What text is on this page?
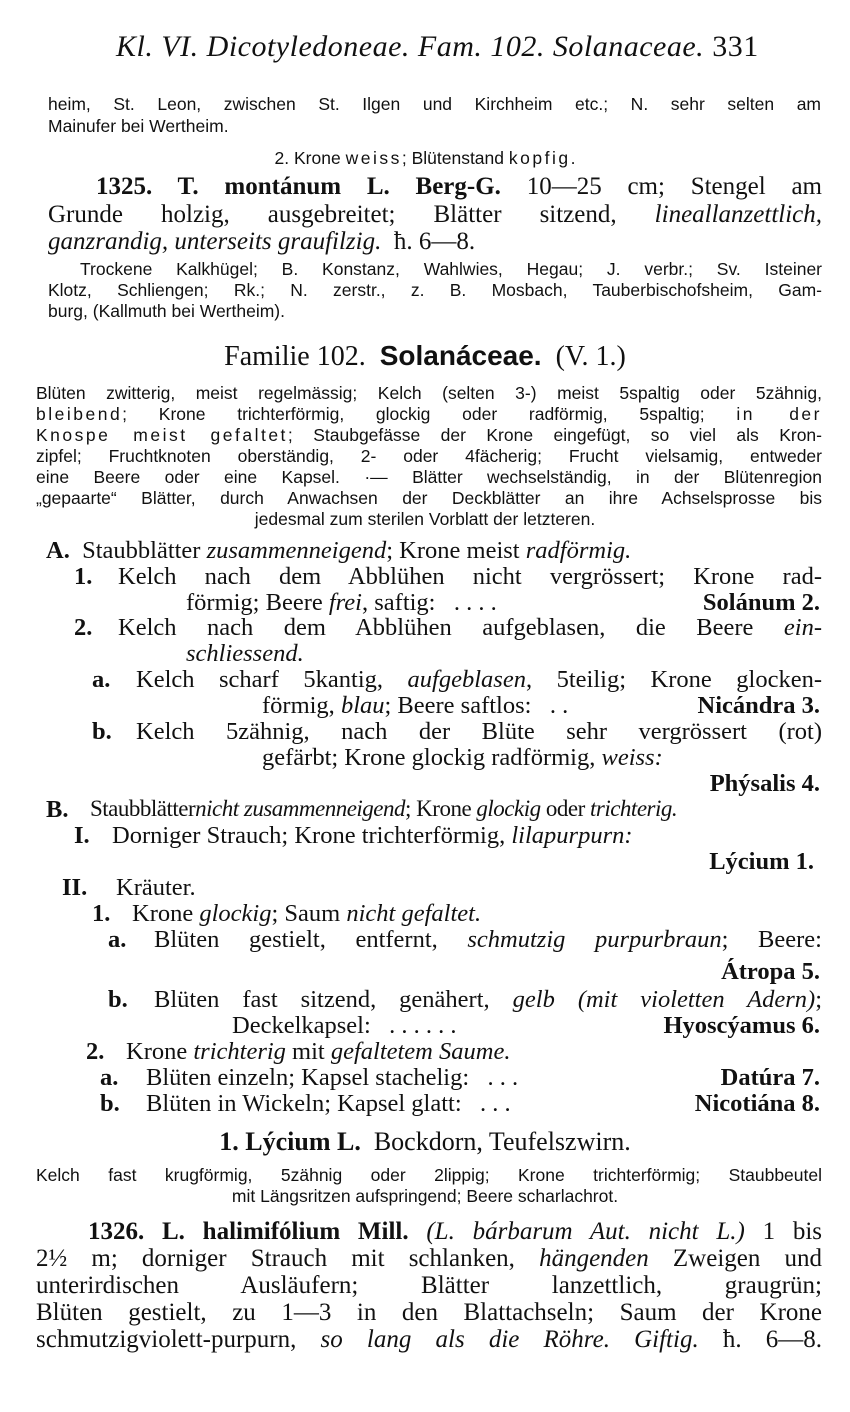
Kl. VI. Dicotyledoneae. Fam. 102. Solanaceae. 331
heim, St. Leon, zwischen St. Ilgen und Kirchheim etc.; N. sehr selten am
Mainufer bei Wertheim.
2. Krone weiss; Blütenstand kopfig.
1325. T. montánum L. Berg-G. 10—25 cm; Stengel am
Grunde holzig, ausgebreitet; Blätter sitzend, lineallanzettlich,
ganzrandig, unterseits graufilzig. ħ. 6—8.
Trockene Kalkhügel; B. Konstanz, Wahlwies, Hegau; J. verbr.; Sv. Isteiner
Klotz, Schliengen; Rk.; N. zerstr., z. B. Mosbach, Tauberbischofsheim, Gam-
burg, (Kallmuth bei Wertheim).
Familie 102. Solanáceae. (V. 1.)
Blüten zwitterig, meist regelmässig; Kelch (selten 3-) meist 5spaltig oder 5zähnig,
bleibend; Krone trichterförmig, glockig oder radförmig, 5spaltig; in der
Knospe meist gefaltet; Staubgefässe der Krone eingefügt, so viel als Kron-
zipfel; Fruchtknoten oberständig, 2- oder 4fächerig; Frucht vielsamig, entweder
eine Beere oder eine Kapsel. ·— Blätter wechselständig, in der Blütenregion
„gepaarte“ Blätter, durch Anwachsen der Deckblätter an ihre Achselsprosse bis
jedesmal zum sterilen Vorblatt der letzteren.
A. Staubblätter zusammenneigend; Krone meist radförmig.
1. Kelch nach dem Abblühen nicht vergrössert; Krone rad-
förmig; Beere frei, saftig: . . . .	Solánum 2.
2. Kelch nach dem Abblühen aufgeblasen, die Beere ein-
schliessend.
a. Kelch scharf 5kantig, aufgeblasen, 5teilig; Krone glocken-
förmig, blau; Beere saftlos: . .	Nicándra 3.
b. Kelch 5zähnig, nach der Blüte sehr vergrössert (rot)
gefärbt; Krone glockig radförmig, weiss:
Phýsalis 4.
B. Staubblätternicht zusammenneigend; Krone glockig oder trichterig.
I. Dorniger Strauch; Krone trichterförmig, lilapurpurn:
Lýcium 1.
II. Kräuter.
1. Krone glockig; Saum nicht gefaltet.
a. Blüten gestielt, entfernt, schmutzig purpurbraun; Beere:
Átropa 5.
b. Blüten fast sitzend, genähert, gelb (mit violetten Adern);
Deckelkapsel: . . . . . .	Hyoscýamus 6.
2. Krone trichterig mit gefaltetem Saume.
a. Blüten einzeln; Kapsel stachelig: . . .	Datúra 7.
b. Blüten in Wickeln; Kapsel glatt: . . .	Nicotiána 8.
1. Lýcium L. Bockdorn, Teufelszwirn.
Kelch fast krugförmig, 5zähnig oder 2lippig; Krone trichterförmig; Staubbeutel
mit Längsritzen aufspringend; Beere scharlachrot.
1326. L. halimifólium Mill. (L. bárbarum Aut. nicht L.) 1 bis
2½ m; dorniger Strauch mit schlanken, hängenden Zweigen und
unterirdischen Ausläufern; Blätter lanzettlich, graugrün;
Blüten gestielt, zu 1—3 in den Blattachseln; Saum der Krone
schmutzigviolett-purpurn, so lang als die Röhre. Giftig. ħ. 6—8.
